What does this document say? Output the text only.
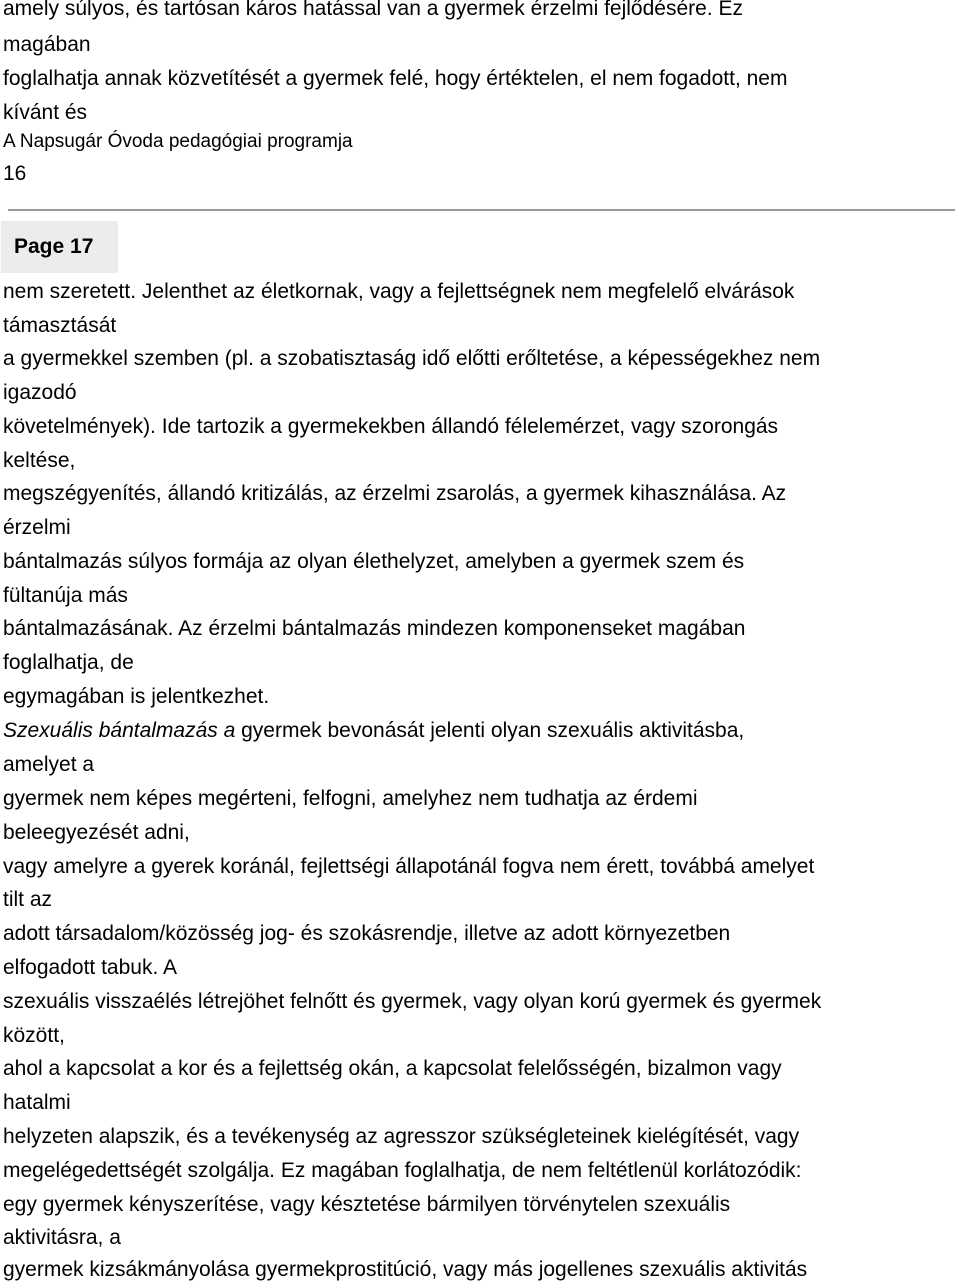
amely súlyos, és tartósan káros hatással van a gyermek érzelmi fejlődésére. Ez
magában
foglalhatja annak közvetítését a gyermek felé, hogy értéktelen, el nem fogadott, nem
kívánt és
A Napsugár Óvoda pedagógiai programja
16
Page 17
nem szeretett. Jelenthet az életkornak, vagy a fejlettségnek nem megfelelő elvárások
támasztását
a gyermekkel szemben (pl. a szobatisztaság idő előtti erőltetése, a képességekhez nem
igazodó
követelmények). Ide tartozik a gyermekekben állandó félelemérzet, vagy szorongás
keltése,
megszégyenítés, állandó kritizálás, az érzelmi zsarolás, a gyermek kihasználása. Az
érzelmi
bántalmazás súlyos formája az olyan élethelyzet, amelyben a gyermek szem és
fültanúja más
bántalmazásának. Az érzelmi bántalmazás mindezen komponenseket magában
foglalhatja, de
egymagában is jelentkezhet.
Szexuális bántalmazás a gyermek bevonását jelenti olyan szexuális aktivitásba,
amelyet a
gyermek nem képes megérteni, felfogni, amelyhez nem tudhatja az érdemi
beleegyezését adni,
vagy amelyre a gyerek koránál, fejlettségi állapotánál fogva nem érett, továbbá amelyet
tilt az
adott társadalom/közösség jog- és szokásrendje, illetve az adott környezetben
elfogadott tabuk. A
szexuális visszaélés létrejöhet felnőtt és gyermek, vagy olyan korú gyermek és gyermek
között,
ahol a kapcsolat a kor és a fejlettség okán, a kapcsolat felelősségén, bizalmon vagy
hatalmi
helyzeten alapszik, és a tevékenység az agresszor szükségleteinek kielégítését, vagy
megelégedettségét szolgálja. Ez magában foglalhatja, de nem feltétlenül korlátozódik:
egy gyermek kényszerítése, vagy késztetése bármilyen törvénytelen szexuális
aktivitásra, a
gyermek kizsákmányolása gyermekprostitúció, vagy más jogellenes szexuális aktivitás
